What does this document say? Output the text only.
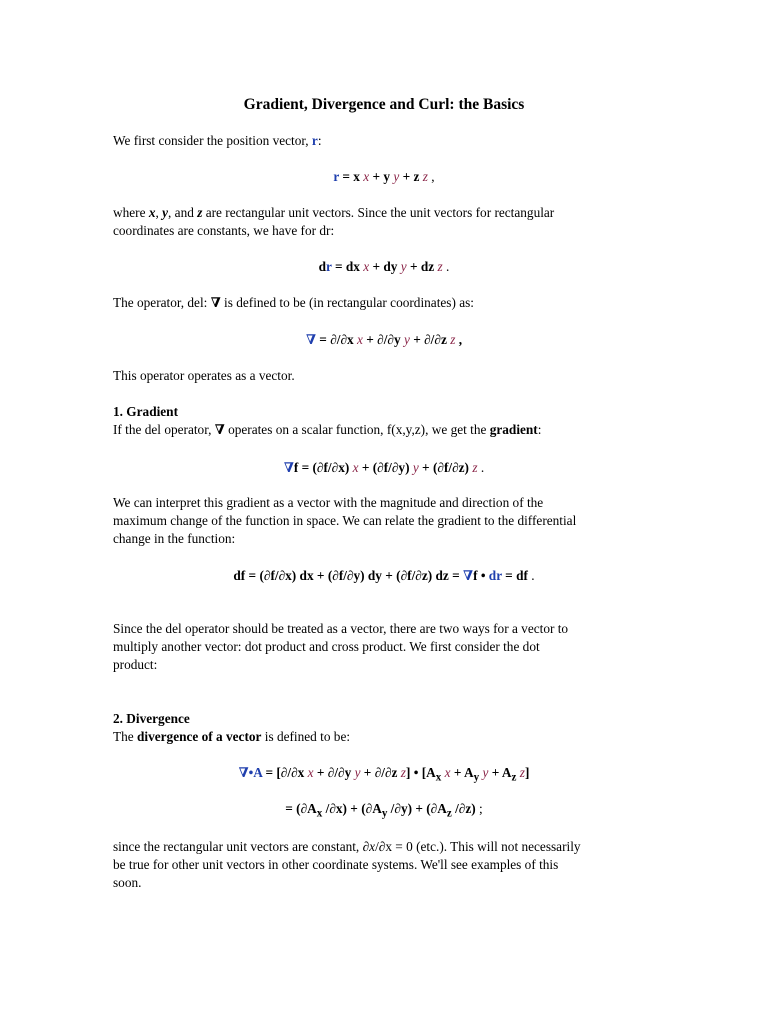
Gradient, Divergence and Curl: the Basics

We first consider the position vector, r:

r = x x + y y + z z ,

where x, y, and z are rectangular unit vectors. Since the unit vectors for rectangular
coordinates are constants, we have for dr:

dr = dx x + dy y + dz z .

The operator, del: ∇ is defined to be (in rectangular coordinates) as:

∇ = ∂/∂x x + ∂/∂y y + ∂/∂z z ,

This operator operates as a vector.

1. Gradient
If the del operator, ∇ operates on a scalar function, f(x,y,z), we get the gradient:

∇f = (∂f/∂x) x + (∂f/∂y) y + (∂f/∂z) z .

We can interpret this gradient as a vector with the magnitude and direction of the
maximum change of the function in space. We can relate the gradient to the differential
change in the function:

df = (∂f/∂x) dx + (∂f/∂y) dy + (∂f/∂z) dz = ∇f • dr = df .

Since the del operator should be treated as a vector, there are two ways for a vector to
multiply another vector: dot product and cross product. We first consider the dot
product:
2. Divergence
The divergence of a vector is defined to be:

∇•A = [∂/∂x x + ∂/∂y y + ∂/∂z z] • [$A_x$ $x + A_y$ $y + A_z$ z]

= ($\partial A_x$ $/\partial x) + (\partial A_y$ $/\partial y) + (\partial A_z$ /∂z) ;

since the rectangular unit vectors are constant, ∂x/∂x = 0 (etc.). This will not necessarily
be true for other unit vectors in other coordinate systems. We'll see examples of this
soon.
